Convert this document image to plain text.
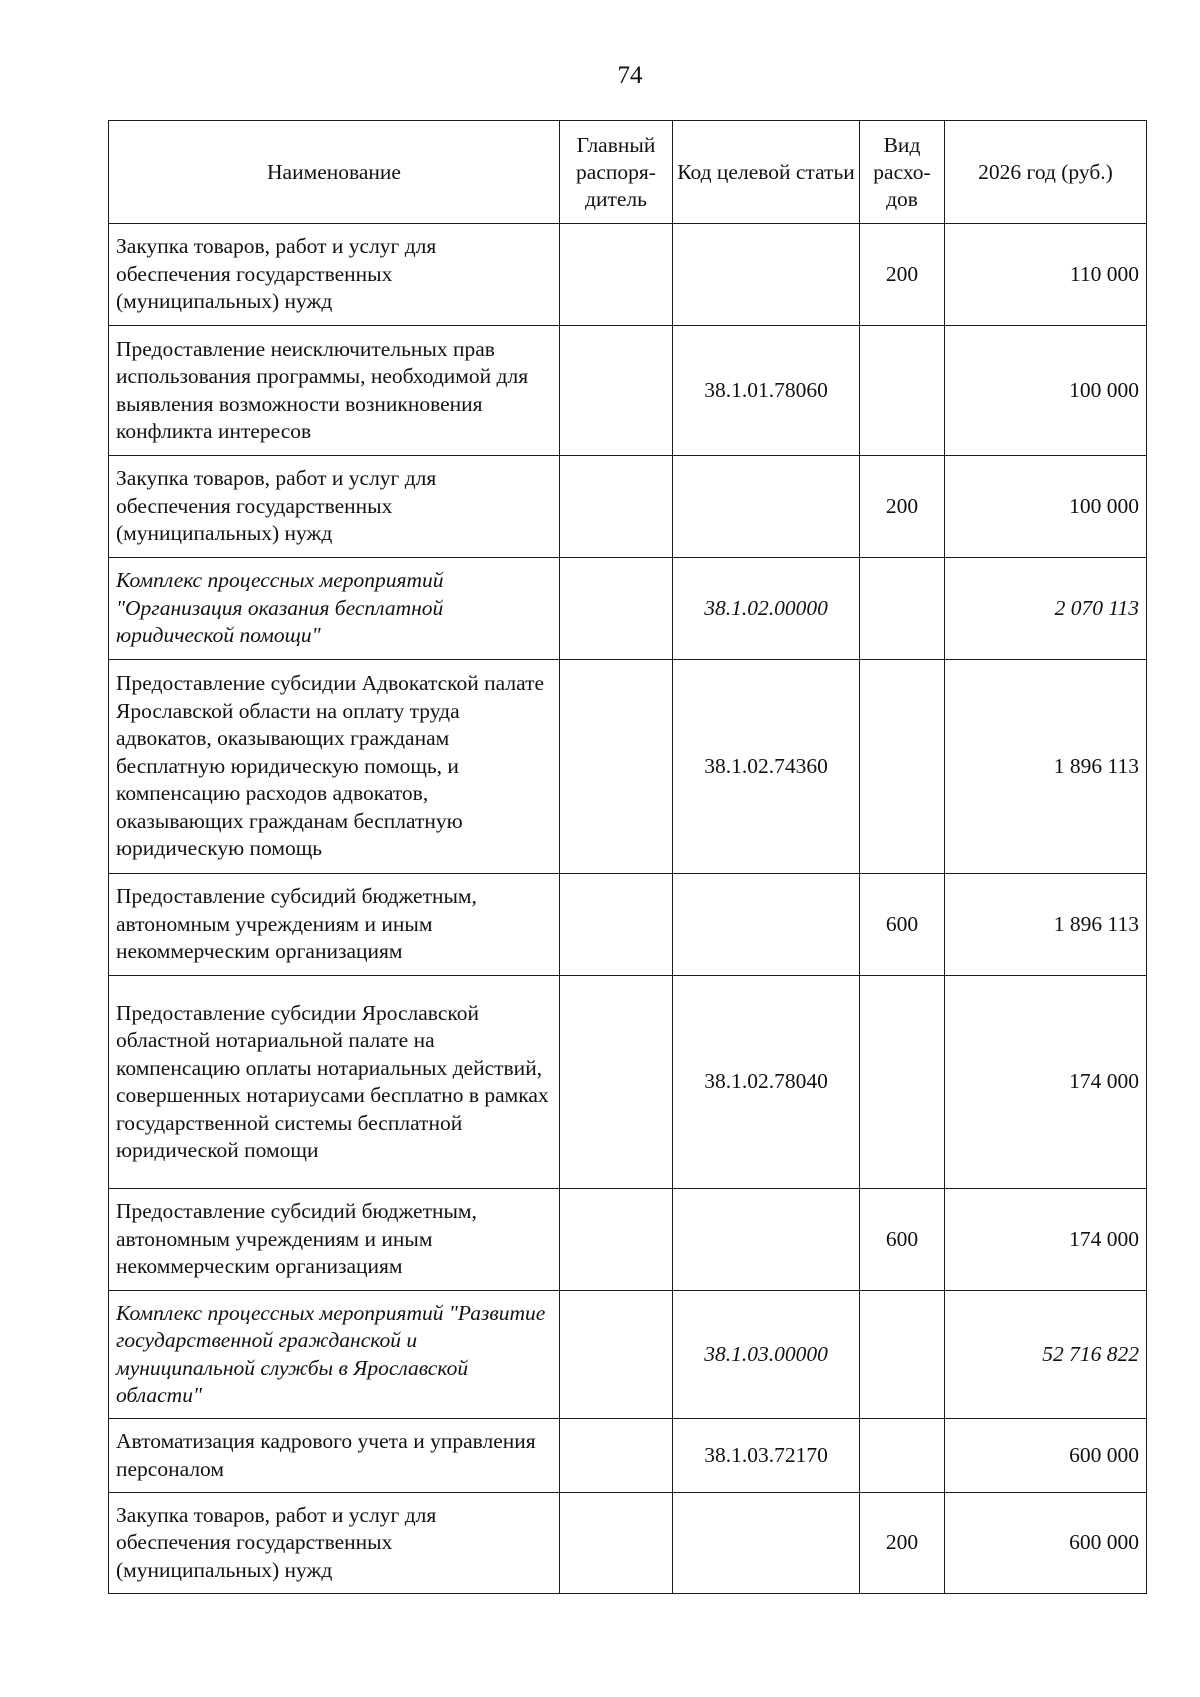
74
Наименование	Главный распоря-дитель	Код целевой статьи	Вид расхо-дов	2026 год (руб.)
Закупка товаров, работ и услуг для обеспечения государственных (муниципальных) нужд			200	110 000
Предоставление неисключительных прав использования программы, необходимой для выявления возможности возникновения конфликта интересов		38.1.01.78060		100 000
Закупка товаров, работ и услуг для обеспечения государственных (муниципальных) нужд			200	100 000
Комплекс процессных мероприятий "Организация оказания бесплатной юридической помощи"		38.1.02.00000		2 070 113
Предоставление субсидии Адвокатской палате Ярославской области на оплату труда адвокатов, оказывающих гражданам бесплатную юридическую помощь, и компенсацию расходов адвокатов, оказывающих гражданам бесплатную юридическую помощь		38.1.02.74360		1 896 113
Предоставление субсидий бюджетным, автономным учреждениям и иным некоммерческим организациям			600	1 896 113
Предоставление субсидии Ярославской областной нотариальной палате на компенсацию оплаты нотариальных действий, совершенных нотариусами бесплатно в рамках государственной системы бесплатной юридической помощи		38.1.02.78040		174 000
Предоставление субсидий бюджетным, автономным учреждениям и иным некоммерческим организациям			600	174 000
Комплекс процессных мероприятий "Развитие государственной гражданской и муниципальной службы в Ярославской области"		38.1.03.00000		52 716 822
Автоматизация кадрового учета и управления персоналом		38.1.03.72170		600 000
Закупка товаров, работ и услуг для обеспечения государственных (муниципальных) нужд			200	600 000
